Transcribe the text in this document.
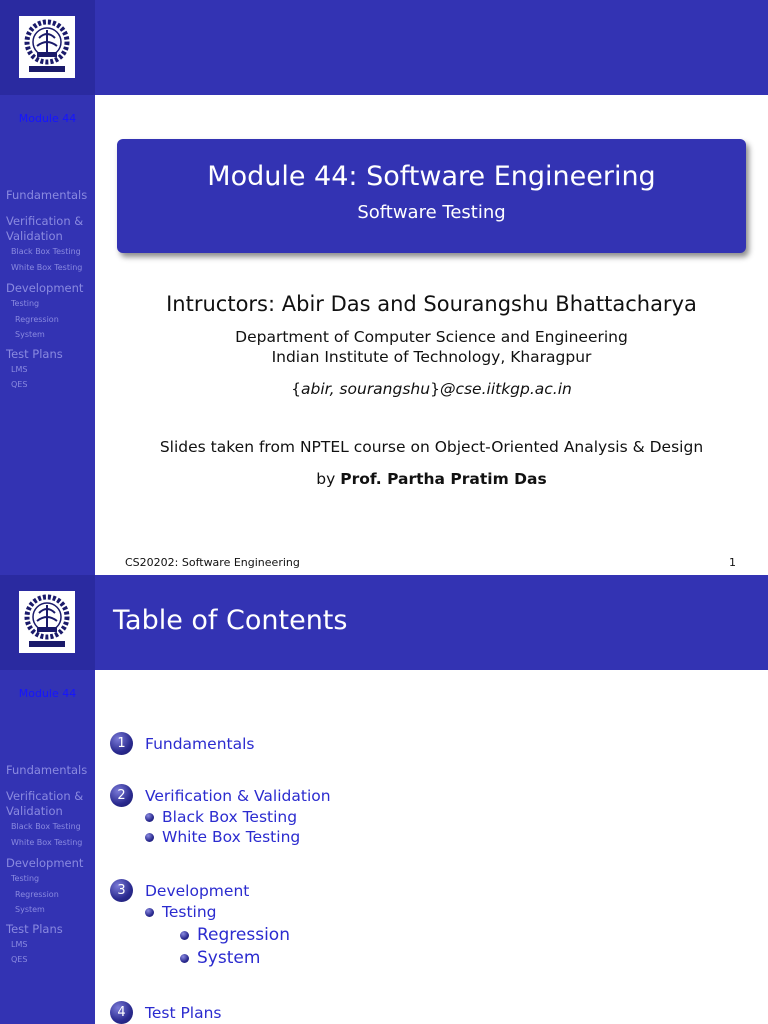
Module 44
Fundamentals
Verification & Validation
Black Box Testing
White Box Testing
Development
Testing
Regression
System
Test Plans
LMS
QES
Module 44: Software Engineering
Software Testing
Intructors: Abir Das and Sourangshu Bhattacharya
Department of Computer Science and Engineering
Indian Institute of Technology, Kharagpur
{abir, sourangshu}@cse.iitkgp.ac.in
Slides taken from NPTEL course on Object-Oriented Analysis & Design
by Prof. Partha Pratim Das
CS20202: Software Engineering	1
Module 44
Fundamentals
Verification & Validation
Black Box Testing
White Box Testing
Development
Testing
Regression
System
Test Plans
LMS
QES
Table of Contents
1	Fundamentals
2	Verification & Validation
Black Box Testing
White Box Testing
3	Development
Testing
Regression
System
4	Test Plans
